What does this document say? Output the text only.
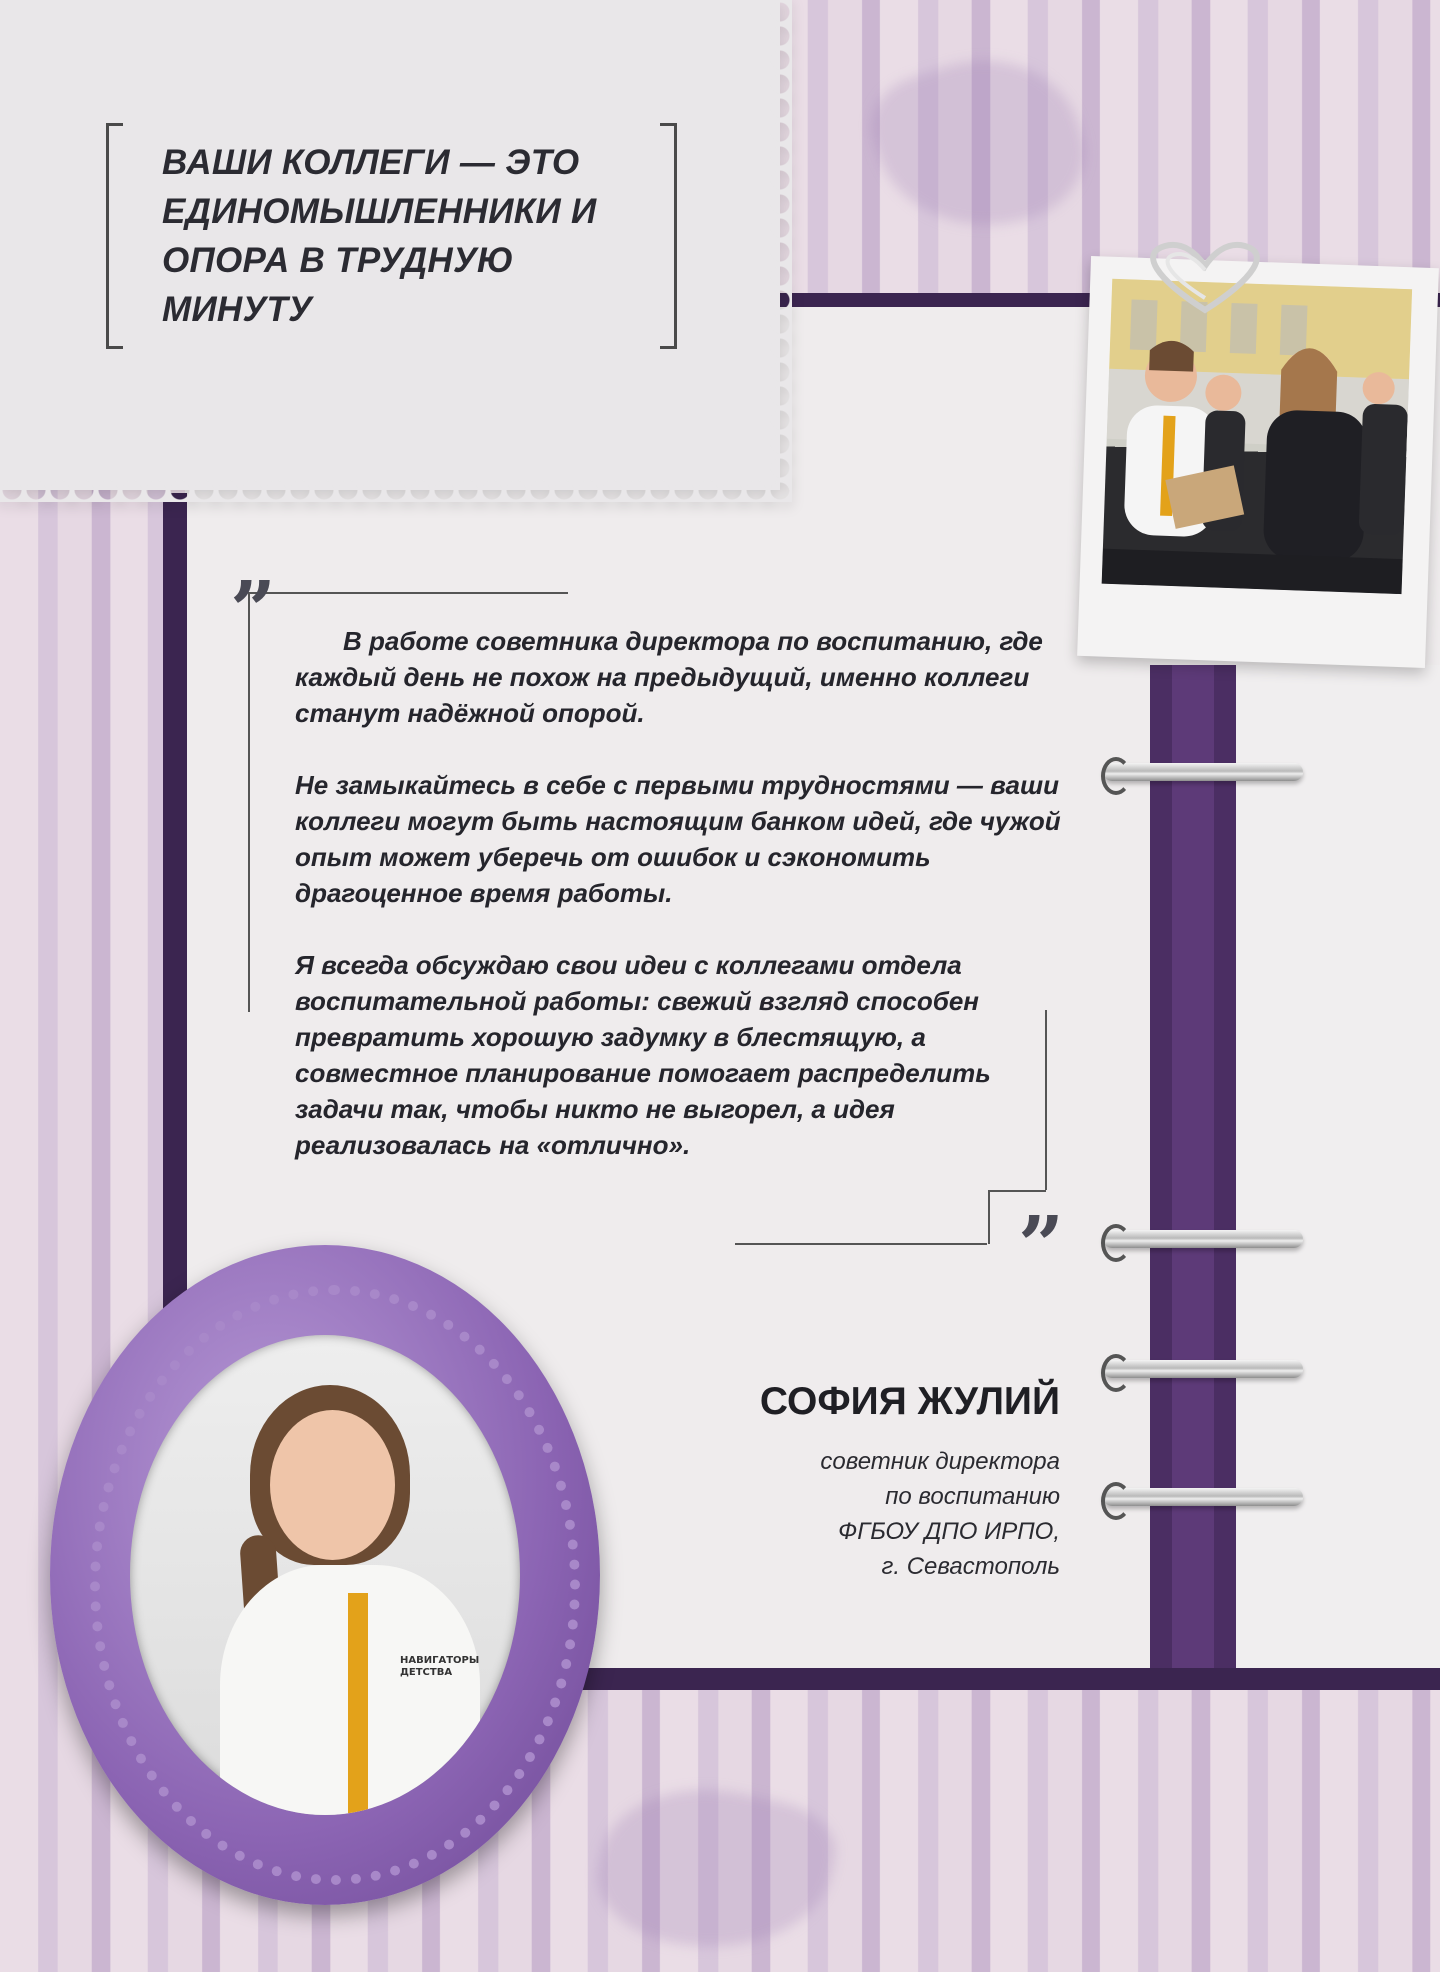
ВАШИ КОЛЛЕГИ — ЭТО ЕДИНОМЫШЛЕННИКИ И ОПОРА В ТРУДНУЮ МИНУТУ
”
”

В работе советника директора по воспитанию, где каждый день не похож на предыдущий, именно коллеги станут надёжной опорой.

Не замыкайтесь в себе с первыми трудностями — ваши коллеги могут быть настоящим банком идей, где чужой опыт может уберечь от ошибок и сэкономить драгоценное время работы.

Я всегда обсуждаю свои идеи с коллегами отдела воспитательной работы: свежий взгляд способен превратить хорошую задумку в блестящую, а совместное планирование помогает распределить задачи так, чтобы никто не выгорел, а идея реализовалась на «отлично».

СОФИЯ ЖУЛИЙ
советник директора
по воспитанию
ФГБОУ ДПО ИРПО,
г. Севастополь
НАВИГАТОРЫ ДЕТСТВА
